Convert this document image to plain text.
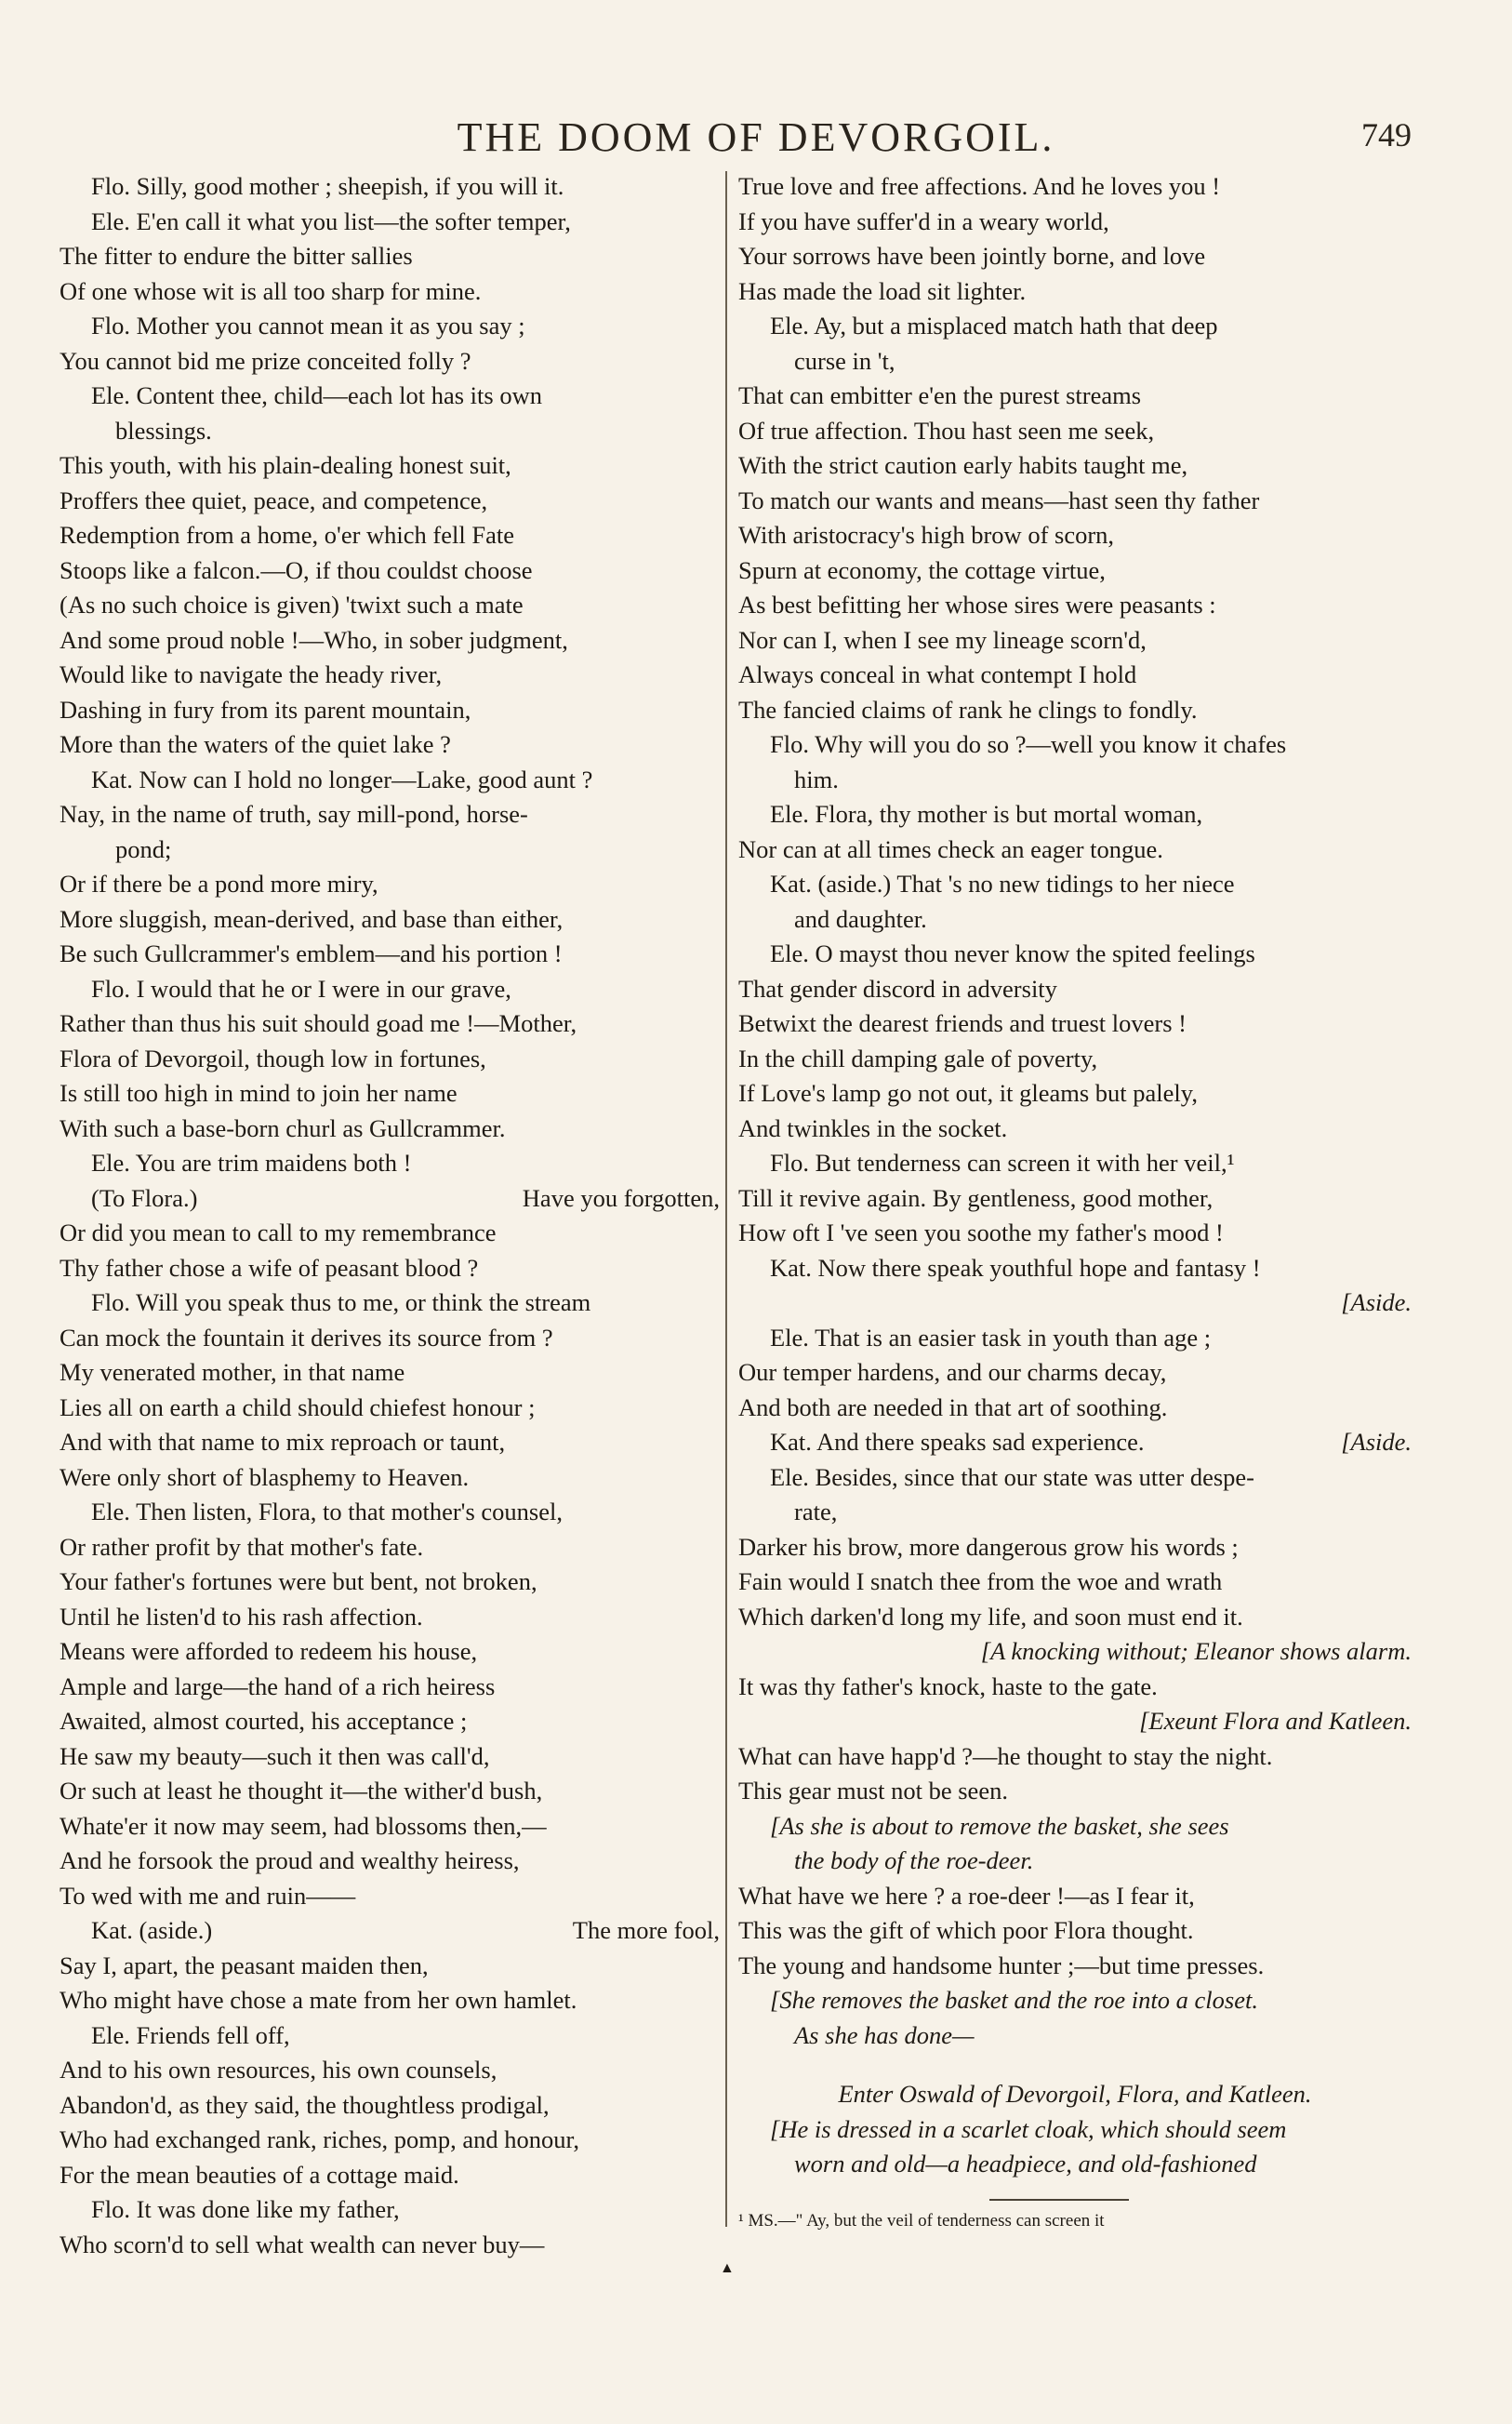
THE DOOM OF DEVORGOIL.	749
Flo. Silly, good mother ; sheepish, if you will it.
Ele. E'en call it what you list—the softer temper,
The fitter to endure the bitter sallies
Of one whose wit is all too sharp for mine.
Flo. Mother you cannot mean it as you say ;
You cannot bid me prize conceited folly ?
Ele. Content thee, child—each lot has its own
blessings.
This youth, with his plain-dealing honest suit,
Proffers thee quiet, peace, and competence,
Redemption from a home, o'er which fell Fate
Stoops like a falcon.—O, if thou couldst choose
(As no such choice is given) 'twixt such a mate
And some proud noble !—Who, in sober judgment,
Would like to navigate the heady river,
Dashing in fury from its parent mountain,
More than the waters of the quiet lake ?
Kat. Now can I hold no longer—Lake, good aunt ?
Nay, in the name of truth, say mill-pond, horse-
pond;
Or if there be a pond more miry,
More sluggish, mean-derived, and base than either,
Be such Gullcrammer's emblem—and his portion !
Flo. I would that he or I were in our grave,
Rather than thus his suit should goad me !—Mother,
Flora of Devorgoil, though low in fortunes,
Is still too high in mind to join her name
With such a base-born churl as Gullcrammer.
Ele. You are trim maidens both !
(To Flora.)	Have you forgotten,
Or did you mean to call to my remembrance
Thy father chose a wife of peasant blood ?
Flo. Will you speak thus to me, or think the stream
Can mock the fountain it derives its source from ?
My venerated mother, in that name
Lies all on earth a child should chiefest honour ;
And with that name to mix reproach or taunt,
Were only short of blasphemy to Heaven.
Ele. Then listen, Flora, to that mother's counsel,
Or rather profit by that mother's fate.
Your father's fortunes were but bent, not broken,
Until he listen'd to his rash affection.
Means were afforded to redeem his house,
Ample and large—the hand of a rich heiress
Awaited, almost courted, his acceptance ;
He saw my beauty—such it then was call'd,
Or such at least he thought it—the wither'd bush,
Whate'er it now may seem, had blossoms then,—
And he forsook the proud and wealthy heiress,
To wed with me and ruin——
Kat. (aside.)	The more fool,
Say I, apart, the peasant maiden then,
Who might have chose a mate from her own hamlet.
Ele. Friends fell off,
And to his own resources, his own counsels,
Abandon'd, as they said, the thoughtless prodigal,
Who had exchanged rank, riches, pomp, and honour,
For the mean beauties of a cottage maid.
Flo. It was done like my father,
Who scorn'd to sell what wealth can never buy—
True love and free affections. And he loves you !
If you have suffer'd in a weary world,
Your sorrows have been jointly borne, and love
Has made the load sit lighter.
Ele. Ay, but a misplaced match hath that deep
curse in 't,
That can embitter e'en the purest streams
Of true affection. Thou hast seen me seek,
With the strict caution early habits taught me,
To match our wants and means—hast seen thy father
With aristocracy's high brow of scorn,
Spurn at economy, the cottage virtue,
As best befitting her whose sires were peasants :
Nor can I, when I see my lineage scorn'd,
Always conceal in what contempt I hold
The fancied claims of rank he clings to fondly.
Flo. Why will you do so ?—well you know it chafes
him.
Ele. Flora, thy mother is but mortal woman,
Nor can at all times check an eager tongue.
Kat. (aside.) That 's no new tidings to her niece
and daughter.
Ele. O mayst thou never know the spited feelings
That gender discord in adversity
Betwixt the dearest friends and truest lovers !
In the chill damping gale of poverty,
If Love's lamp go not out, it gleams but palely,
And twinkles in the socket.
Flo. But tenderness can screen it with her veil,¹
Till it revive again. By gentleness, good mother,
How oft I 've seen you soothe my father's mood !
Kat. Now there speak youthful hope and fantasy !
[Aside.
Ele. That is an easier task in youth than age ;
Our temper hardens, and our charms decay,
And both are needed in that art of soothing.
Kat. And there speaks sad experience.	[Aside.
Ele. Besides, since that our state was utter despe-
rate,
Darker his brow, more dangerous grow his words ;
Fain would I snatch thee from the woe and wrath
Which darken'd long my life, and soon must end it.
[A knocking without; Eleanor shows alarm.
It was thy father's knock, haste to the gate.
[Exeunt Flora and Katleen.
What can have happ'd ?—he thought to stay the night.
This gear must not be seen.
[As she is about to remove the basket, she sees
the body of the roe-deer.
What have we here ? a roe-deer !—as I fear it,
This was the gift of which poor Flora thought.
The young and handsome hunter ;—but time presses.
[She removes the basket and the roe into a closet.
As she has done—
Enter Oswald of Devorgoil, Flora, and Katleen.
[He is dressed in a scarlet cloak, which should seem
worn and old—a headpiece, and old-fashioned
¹ MS.—" Ay, but the veil of tenderness can screen it
▲
